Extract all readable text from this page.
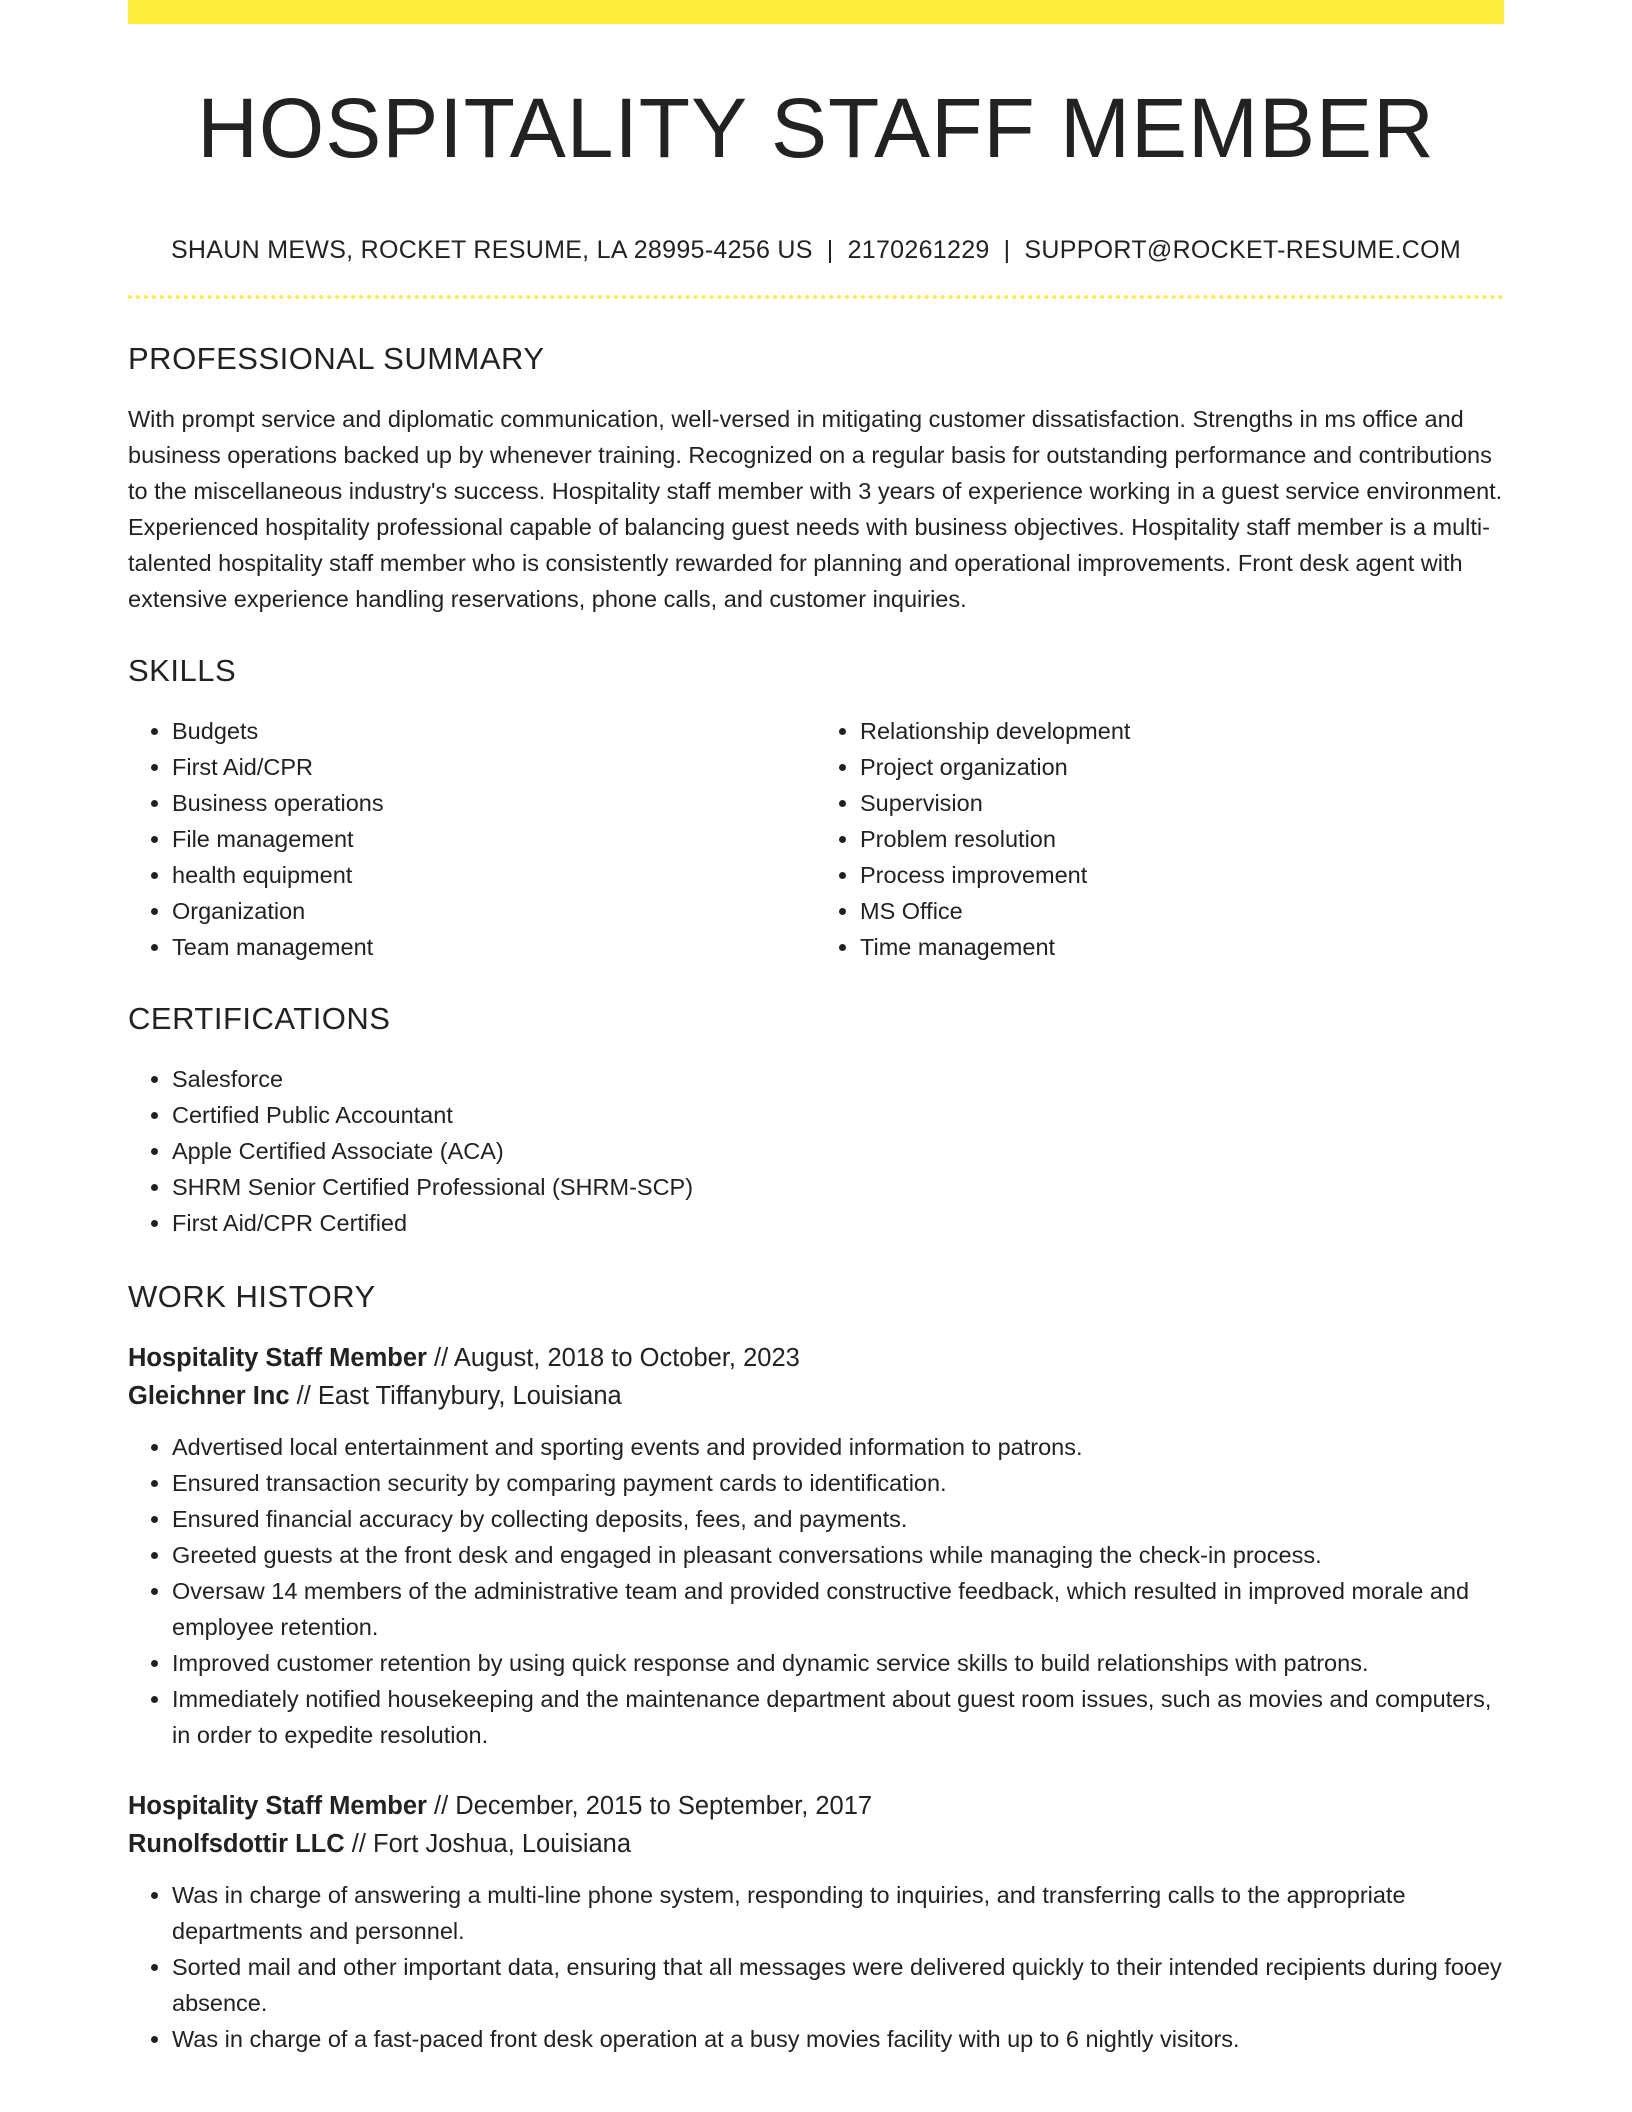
HOSPITALITY STAFF MEMBER
SHAUN MEWS, ROCKET RESUME, LA 28995-4256 US | 2170261229 | SUPPORT@ROCKET-RESUME.COM
PROFESSIONAL SUMMARY

With prompt service and diplomatic communication, well-versed in mitigating customer dissatisfaction. Strengths in ms office and business operations backed up by whenever training. Recognized on a regular basis for outstanding performance and contributions to the miscellaneous industry's success. Hospitality staff member with 3 years of experience working in a guest service environment. Experienced hospitality professional capable of balancing guest needs with business objectives. Hospitality staff member is a multi-talented hospitality staff member who is consistently rewarded for planning and operational improvements. Front desk agent with extensive experience handling reservations, phone calls, and customer inquiries.

SKILLS
• Budgets
• First Aid/CPR
• Business operations
• File management
• health equipment
• Organization
• Team management
• Relationship development
• Project organization
• Supervision
• Problem resolution
• Process improvement
• MS Office
• Time management
CERTIFICATIONS
• Salesforce
• Certified Public Accountant
• Apple Certified Associate (ACA)
• SHRM Senior Certified Professional (SHRM-SCP)
• First Aid/CPR Certified
WORK HISTORY
Hospitality Staff Member // August, 2018 to October, 2023
Gleichner Inc // East Tiffanybury, Louisiana
• Advertised local entertainment and sporting events and provided information to patrons.
• Ensured transaction security by comparing payment cards to identification.
• Ensured financial accuracy by collecting deposits, fees, and payments.
• Greeted guests at the front desk and engaged in pleasant conversations while managing the check-in process.
• Oversaw 14 members of the administrative team and provided constructive feedback, which resulted in improved morale and employee retention.
• Improved customer retention by using quick response and dynamic service skills to build relationships with patrons.
• Immediately notified housekeeping and the maintenance department about guest room issues, such as movies and computers, in order to expedite resolution.
Hospitality Staff Member // December, 2015 to September, 2017
Runolfsdottir LLC // Fort Joshua, Louisiana
• Was in charge of answering a multi-line phone system, responding to inquiries, and transferring calls to the appropriate departments and personnel.
• Sorted mail and other important data, ensuring that all messages were delivered quickly to their intended recipients during fooey absence.
• Was in charge of a fast-paced front desk operation at a busy movies facility with up to 6 nightly visitors.
